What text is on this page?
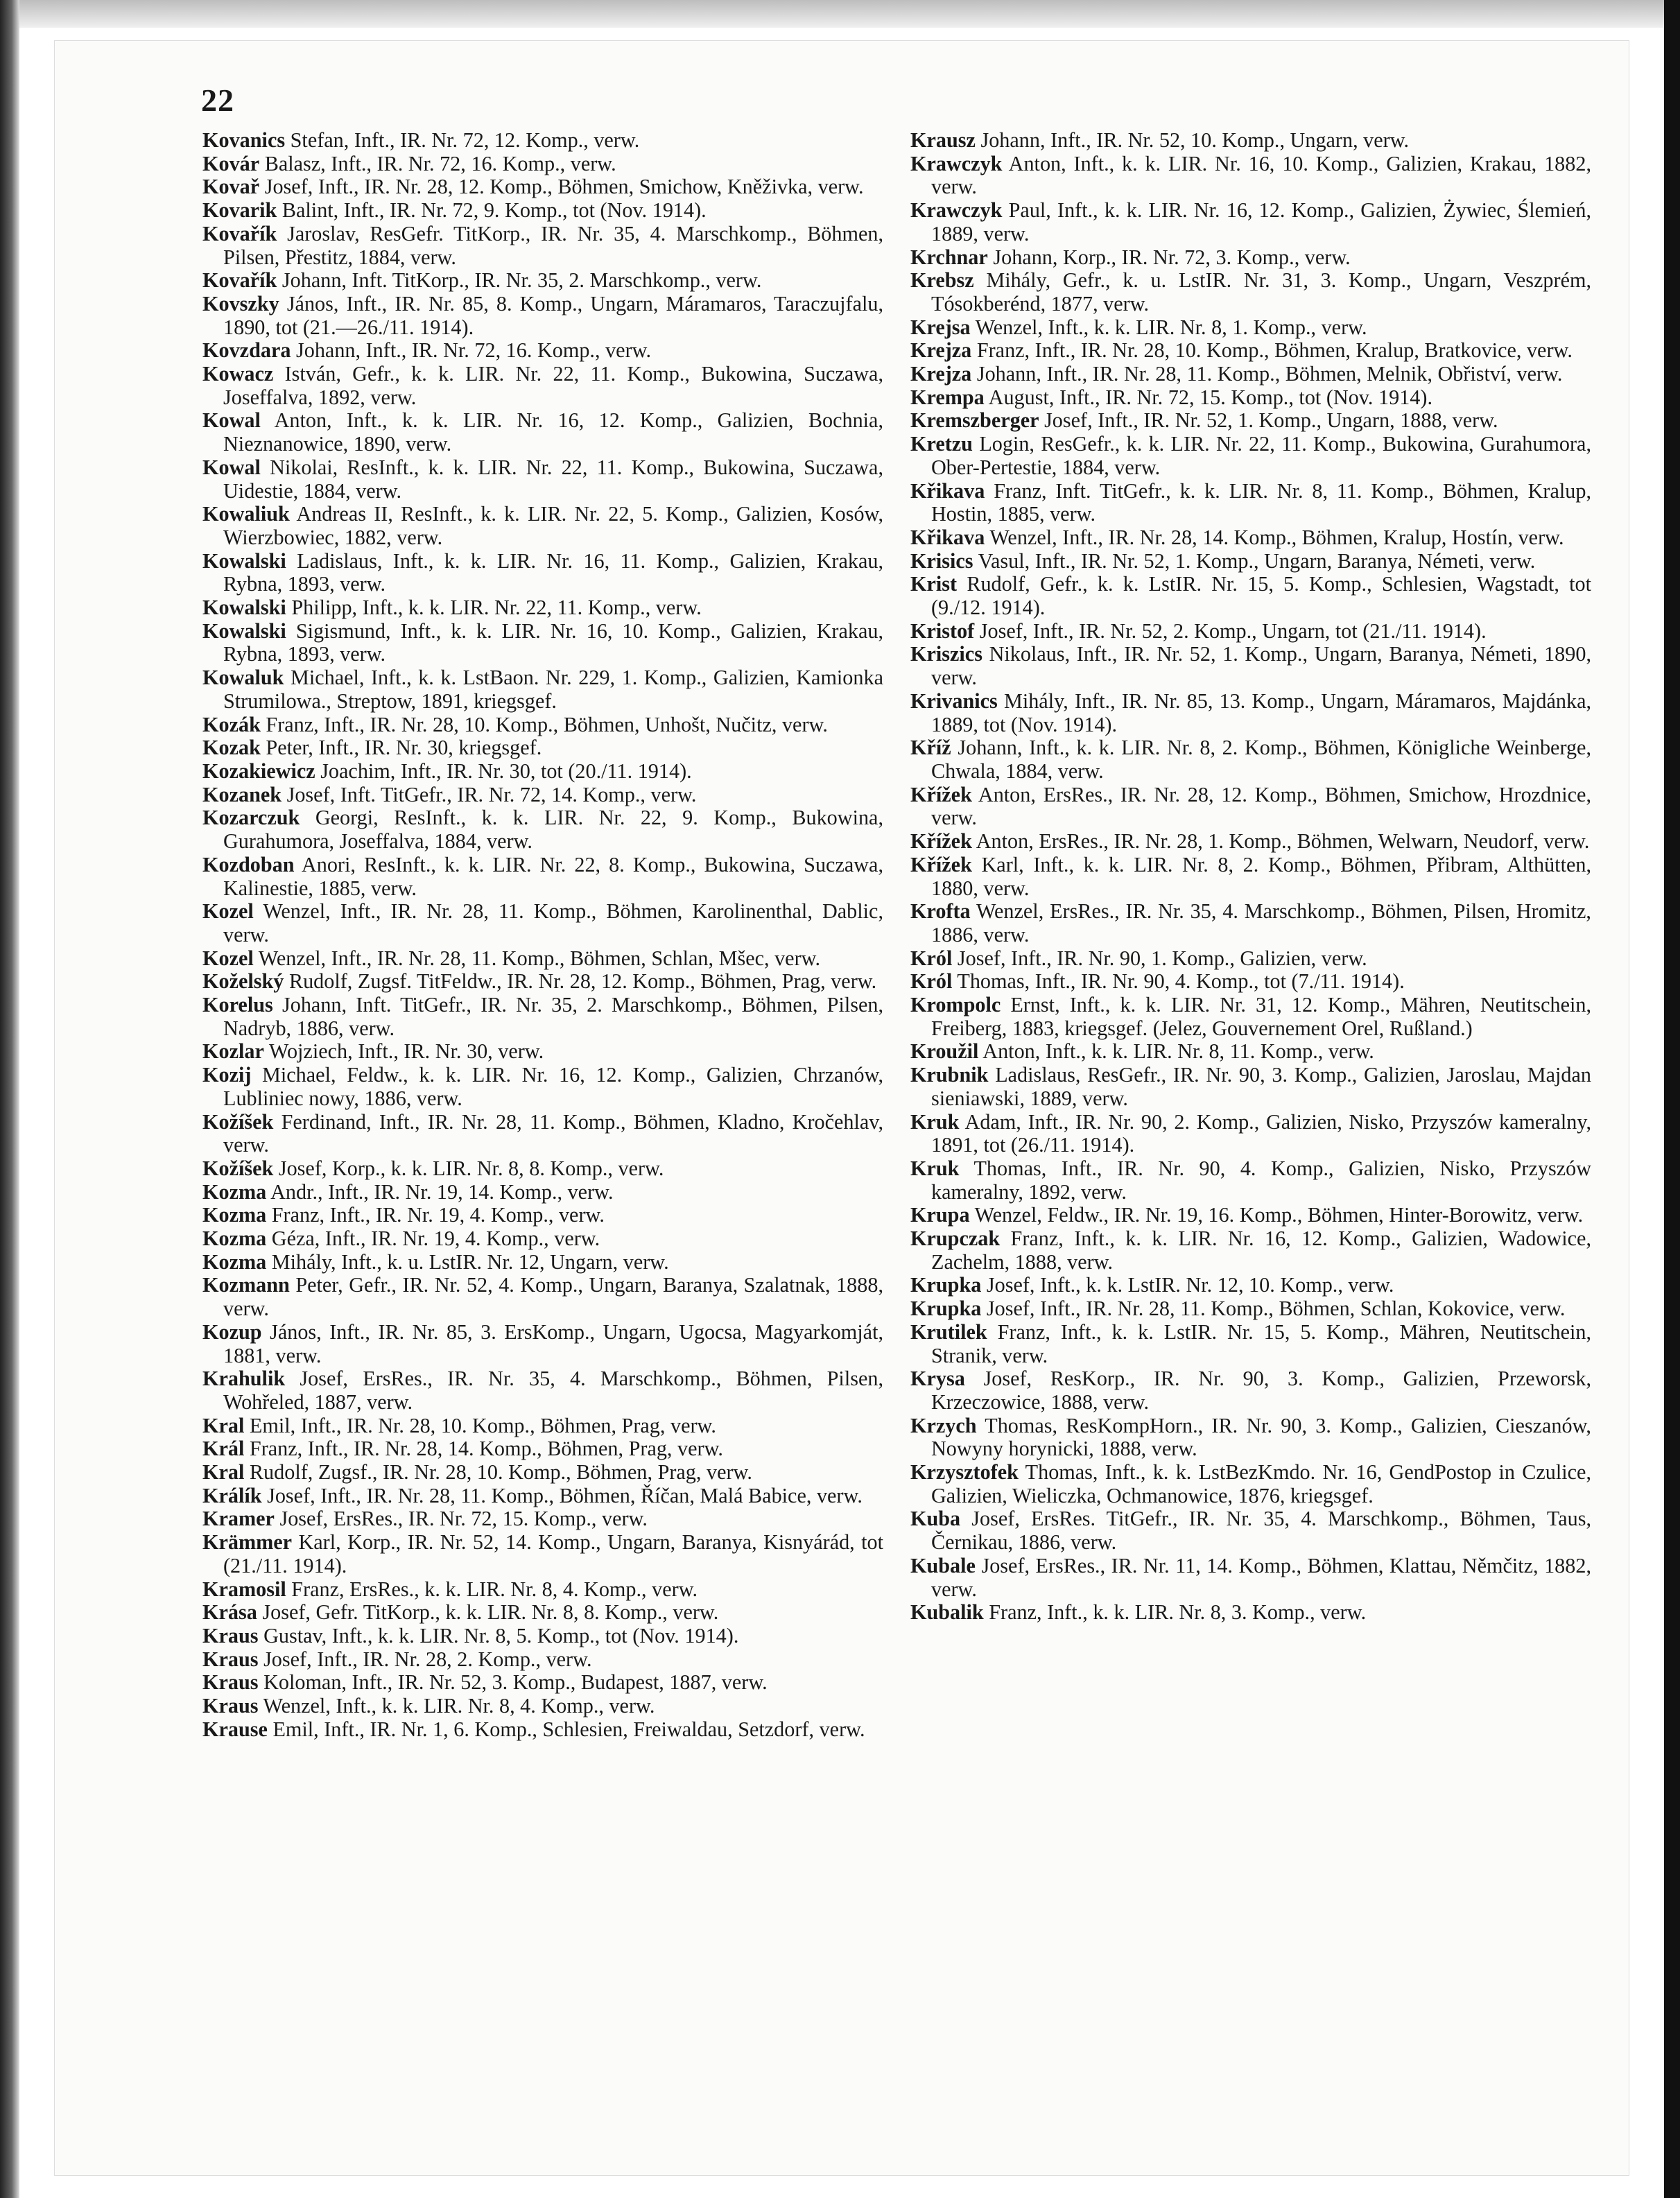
22

Kovanics Stefan, Inft., IR. Nr. 72, 12. Komp., verw.

Kovár Balasz, Inft., IR. Nr. 72, 16. Komp., verw.

Kovař Josef, Inft., IR. Nr. 28, 12. Komp., Böhmen, Smichow, Kněživka, verw.

Kovarik Balint, Inft., IR. Nr. 72, 9. Komp., tot (Nov. 1914).

Kovařík Jaroslav, ResGefr. TitKorp., IR. Nr. 35, 4. Marschkomp., Böhmen, Pilsen, Přestitz, 1884, verw.

Kovařík Johann, Inft. TitKorp., IR. Nr. 35, 2. Marschkomp., verw.

Kovszky János, Inft., IR. Nr. 85, 8. Komp., Ungarn, Máramaros, Taraczujfalu, 1890, tot (21.—26./11. 1914).

Kovzdara Johann, Inft., IR. Nr. 72, 16. Komp., verw.

Kowacz István, Gefr., k. k. LIR. Nr. 22, 11. Komp., Bukowina, Suczawa, Joseffalva, 1892, verw.

Kowal Anton, Inft., k. k. LIR. Nr. 16, 12. Komp., Galizien, Bochnia, Nieznanowice, 1890, verw.

Kowal Nikolai, ResInft., k. k. LIR. Nr. 22, 11. Komp., Bukowina, Suczawa, Uidestie, 1884, verw.

Kowaliuk Andreas II, ResInft., k. k. LIR. Nr. 22, 5. Komp., Galizien, Kosów, Wierzbowiec, 1882, verw.

Kowalski Ladislaus, Inft., k. k. LIR. Nr. 16, 11. Komp., Galizien, Krakau, Rybna, 1893, verw.

Kowalski Philipp, Inft., k. k. LIR. Nr. 22, 11. Komp., verw.

Kowalski Sigismund, Inft., k. k. LIR. Nr. 16, 10. Komp., Galizien, Krakau, Rybna, 1893, verw.

Kowaluk Michael, Inft., k. k. LstBaon. Nr. 229, 1. Komp., Galizien, Kamionka Strumilowa., Streptow, 1891, kriegsgef.

Kozák Franz, Inft., IR. Nr. 28, 10. Komp., Böhmen, Unhošt, Nučitz, verw.

Kozak Peter, Inft., IR. Nr. 30, kriegsgef.

Kozakiewicz Joachim, Inft., IR. Nr. 30, tot (20./11. 1914).

Kozanek Josef, Inft. TitGefr., IR. Nr. 72, 14. Komp., verw.

Kozarczuk Georgi, ResInft., k. k. LIR. Nr. 22, 9. Komp., Bukowina, Gurahumora, Joseffalva, 1884, verw.

Kozdoban Anori, ResInft., k. k. LIR. Nr. 22, 8. Komp., Bukowina, Suczawa, Kalinestie, 1885, verw.

Kozel Wenzel, Inft., IR. Nr. 28, 11. Komp., Böhmen, Karolinenthal, Dablic, verw.

Kozel Wenzel, Inft., IR. Nr. 28, 11. Komp., Böhmen, Schlan, Mšec, verw.

Koželský Rudolf, Zugsf. TitFeldw., IR. Nr. 28, 12. Komp., Böhmen, Prag, verw.

Korelus Johann, Inft. TitGefr., IR. Nr. 35, 2. Marschkomp., Böhmen, Pilsen, Nadryb, 1886, verw.

Kozlar Wojziech, Inft., IR. Nr. 30, verw.

Kozij Michael, Feldw., k. k. LIR. Nr. 16, 12. Komp., Galizien, Chrzanów, Lubliniec nowy, 1886, verw.

Kožíšek Ferdinand, Inft., IR. Nr. 28, 11. Komp., Böhmen, Kladno, Kročehlav, verw.

Kožíšek Josef, Korp., k. k. LIR. Nr. 8, 8. Komp., verw.

Kozma Andr., Inft., IR. Nr. 19, 14. Komp., verw.

Kozma Franz, Inft., IR. Nr. 19, 4. Komp., verw.

Kozma Géza, Inft., IR. Nr. 19, 4. Komp., verw.

Kozma Mihály, Inft., k. u. LstIR. Nr. 12, Ungarn, verw.

Kozmann Peter, Gefr., IR. Nr. 52, 4. Komp., Ungarn, Baranya, Szalatnak, 1888, verw.

Kozup János, Inft., IR. Nr. 85, 3. ErsKomp., Ungarn, Ugocsa, Magyarkomját, 1881, verw.

Krahulik Josef, ErsRes., IR. Nr. 35, 4. Marschkomp., Böhmen, Pilsen, Wohřeled, 1887, verw.

Kral Emil, Inft., IR. Nr. 28, 10. Komp., Böhmen, Prag, verw.

Král Franz, Inft., IR. Nr. 28, 14. Komp., Böhmen, Prag, verw.

Kral Rudolf, Zugsf., IR. Nr. 28, 10. Komp., Böhmen, Prag, verw.

Králík Josef, Inft., IR. Nr. 28, 11. Komp., Böhmen, Říčan, Malá Babice, verw.

Kramer Josef, ErsRes., IR. Nr. 72, 15. Komp., verw.

Krämmer Karl, Korp., IR. Nr. 52, 14. Komp., Ungarn, Baranya, Kisnyárád, tot (21./11. 1914).

Kramosil Franz, ErsRes., k. k. LIR. Nr. 8, 4. Komp., verw.

Krása Josef, Gefr. TitKorp., k. k. LIR. Nr. 8, 8. Komp., verw.

Kraus Gustav, Inft., k. k. LIR. Nr. 8, 5. Komp., tot (Nov. 1914).

Kraus Josef, Inft., IR. Nr. 28, 2. Komp., verw.

Kraus Koloman, Inft., IR. Nr. 52, 3. Komp., Budapest, 1887, verw.

Kraus Wenzel, Inft., k. k. LIR. Nr. 8, 4. Komp., verw.

Krause Emil, Inft., IR. Nr. 1, 6. Komp., Schlesien, Freiwaldau, Setzdorf, verw.

Krausz Johann, Inft., IR. Nr. 52, 10. Komp., Ungarn, verw.

Krawczyk Anton, Inft., k. k. LIR. Nr. 16, 10. Komp., Galizien, Krakau, 1882, verw.

Krawczyk Paul, Inft., k. k. LIR. Nr. 16, 12. Komp., Galizien, Żywiec, Ślemień, 1889, verw.

Krchnar Johann, Korp., IR. Nr. 72, 3. Komp., verw.

Krebsz Mihály, Gefr., k. u. LstIR. Nr. 31, 3. Komp., Ungarn, Veszprém, Tósokberénd, 1877, verw.

Krejsa Wenzel, Inft., k. k. LIR. Nr. 8, 1. Komp., verw.

Krejza Franz, Inft., IR. Nr. 28, 10. Komp., Böhmen, Kralup, Bratkovice, verw.

Krejza Johann, Inft., IR. Nr. 28, 11. Komp., Böhmen, Melnik, Obřiství, verw.

Krempa August, Inft., IR. Nr. 72, 15. Komp., tot (Nov. 1914).

Kremszberger Josef, Inft., IR. Nr. 52, 1. Komp., Ungarn, 1888, verw.

Kretzu Login, ResGefr., k. k. LIR. Nr. 22, 11. Komp., Bukowina, Gurahumora, Ober-Pertestie, 1884, verw.

Křikava Franz, Inft. TitGefr., k. k. LIR. Nr. 8, 11. Komp., Böhmen, Kralup, Hostin, 1885, verw.

Křikava Wenzel, Inft., IR. Nr. 28, 14. Komp., Böhmen, Kralup, Hostín, verw.

Krisics Vasul, Inft., IR. Nr. 52, 1. Komp., Ungarn, Baranya, Németi, verw.

Krist Rudolf, Gefr., k. k. LstIR. Nr. 15, 5. Komp., Schlesien, Wagstadt, tot (9./12. 1914).

Kristof Josef, Inft., IR. Nr. 52, 2. Komp., Ungarn, tot (21./11. 1914).

Kriszics Nikolaus, Inft., IR. Nr. 52, 1. Komp., Ungarn, Baranya, Németi, 1890, verw.

Krivanics Mihály, Inft., IR. Nr. 85, 13. Komp., Ungarn, Máramaros, Majdánka, 1889, tot (Nov. 1914).

Kříž Johann, Inft., k. k. LIR. Nr. 8, 2. Komp., Böhmen, Königliche Weinberge, Chwala, 1884, verw.

Křížek Anton, ErsRes., IR. Nr. 28, 12. Komp., Böhmen, Smichow, Hrozdnice, verw.

Křížek Anton, ErsRes., IR. Nr. 28, 1. Komp., Böhmen, Welwarn, Neudorf, verw.

Křížek Karl, Inft., k. k. LIR. Nr. 8, 2. Komp., Böhmen, Přibram, Althütten, 1880, verw.

Krofta Wenzel, ErsRes., IR. Nr. 35, 4. Marschkomp., Böhmen, Pilsen, Hromitz, 1886, verw.

Król Josef, Inft., IR. Nr. 90, 1. Komp., Galizien, verw.

Król Thomas, Inft., IR. Nr. 90, 4. Komp., tot (7./11. 1914).

Krompolc Ernst, Inft., k. k. LIR. Nr. 31, 12. Komp., Mähren, Neutitschein, Freiberg, 1883, kriegsgef. (Jelez, Gouvernement Orel, Rußland.)

Kroužil Anton, Inft., k. k. LIR. Nr. 8, 11. Komp., verw.

Krubnik Ladislaus, ResGefr., IR. Nr. 90, 3. Komp., Galizien, Jaroslau, Majdan sieniawski, 1889, verw.

Kruk Adam, Inft., IR. Nr. 90, 2. Komp., Galizien, Nisko, Przyszów kameralny, 1891, tot (26./11. 1914).

Kruk Thomas, Inft., IR. Nr. 90, 4. Komp., Galizien, Nisko, Przyszów kameralny, 1892, verw.

Krupa Wenzel, Feldw., IR. Nr. 19, 16. Komp., Böhmen, Hinter-Borowitz, verw.

Krupczak Franz, Inft., k. k. LIR. Nr. 16, 12. Komp., Galizien, Wadowice, Zachelm, 1888, verw.

Krupka Josef, Inft., k. k. LstIR. Nr. 12, 10. Komp., verw.

Krupka Josef, Inft., IR. Nr. 28, 11. Komp., Böhmen, Schlan, Kokovice, verw.

Krutilek Franz, Inft., k. k. LstIR. Nr. 15, 5. Komp., Mähren, Neutitschein, Stranik, verw.

Krysa Josef, ResKorp., IR. Nr. 90, 3. Komp., Galizien, Przeworsk, Krzeczowice, 1888, verw.

Krzych Thomas, ResKompHorn., IR. Nr. 90, 3. Komp., Galizien, Cieszanów, Nowyny horynicki, 1888, verw.

Krzysztofek Thomas, Inft., k. k. LstBezKmdo. Nr. 16, GendPostop in Czulice, Galizien, Wieliczka, Ochmanowice, 1876, kriegsgef.

Kuba Josef, ErsRes. TitGefr., IR. Nr. 35, 4. Marschkomp., Böhmen, Taus, Černikau, 1886, verw.

Kubale Josef, ErsRes., IR. Nr. 11, 14. Komp., Böhmen, Klattau, Němčitz, 1882, verw.

Kubalik Franz, Inft., k. k. LIR. Nr. 8, 3. Komp., verw.
